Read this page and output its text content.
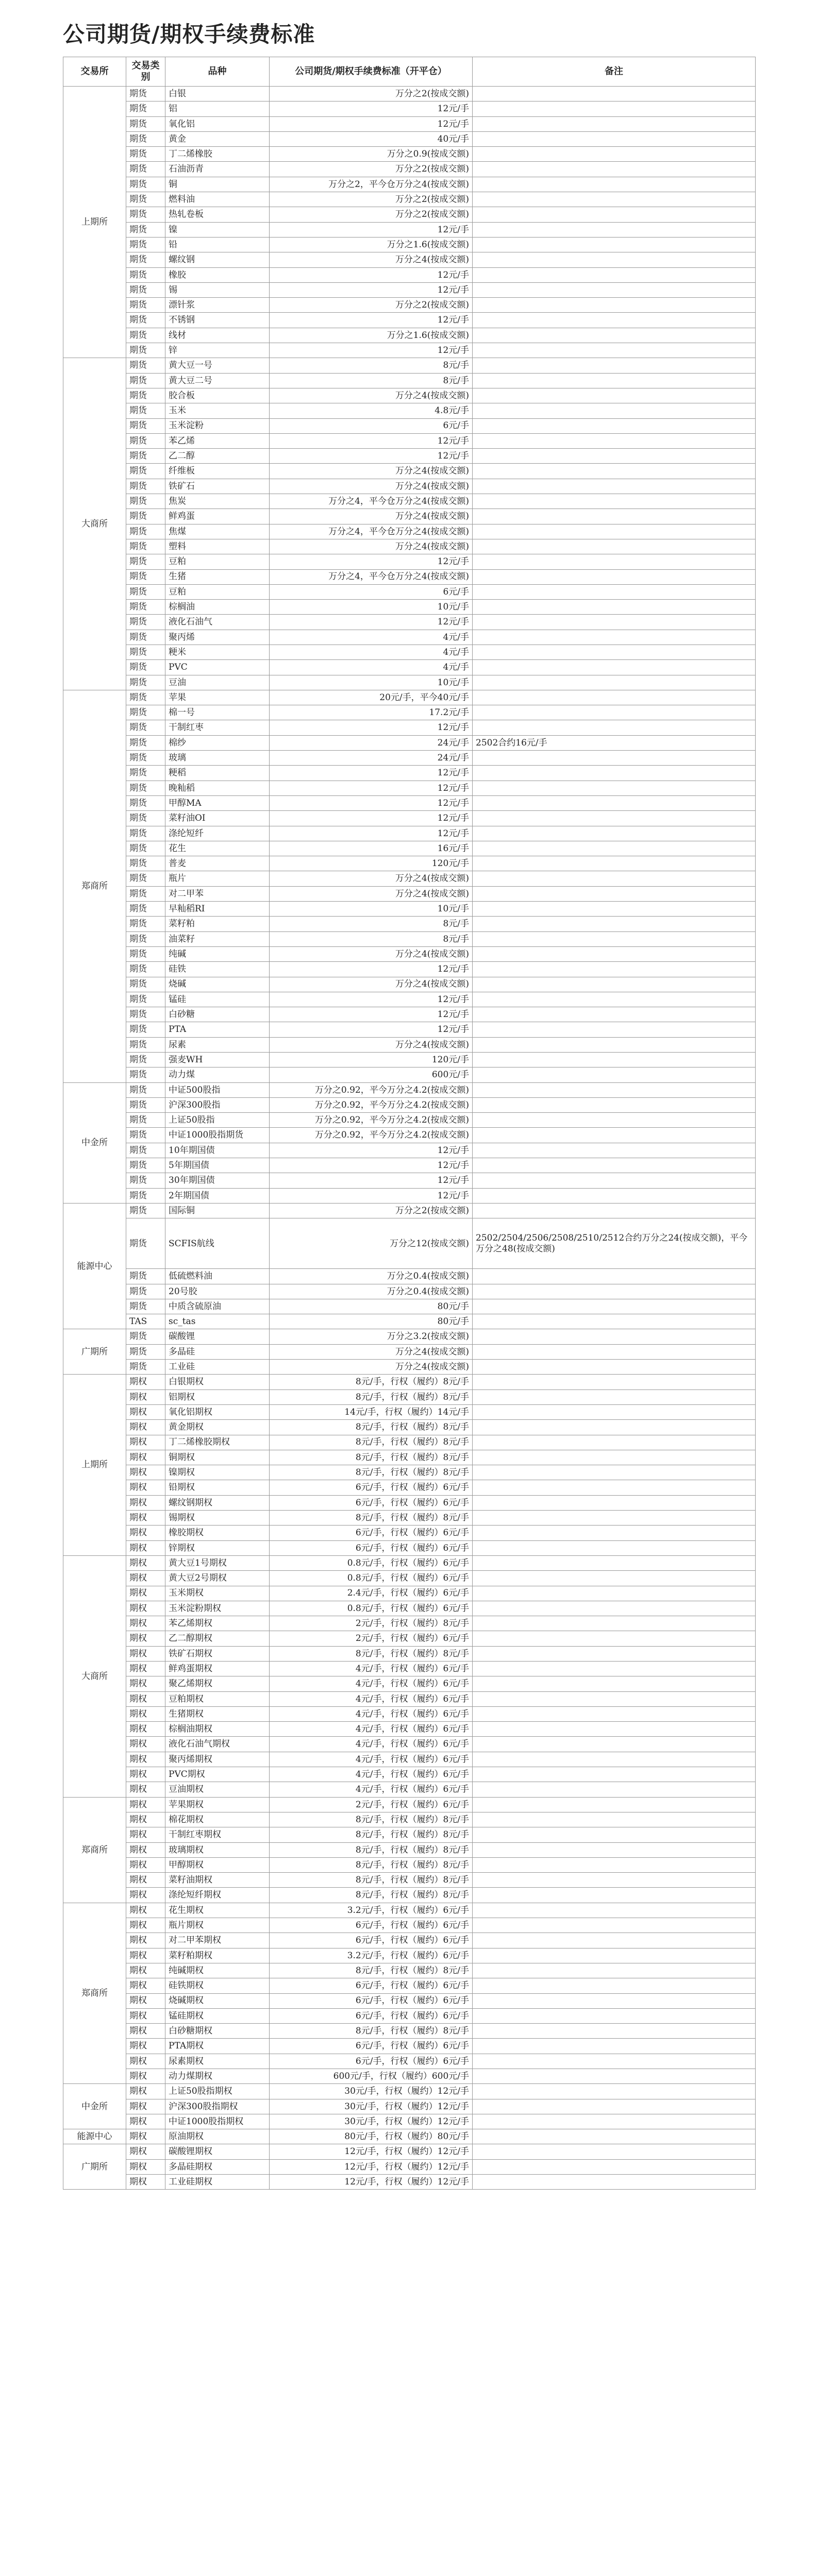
公司期货/期权手续费标准
交易所	交易类别	品种	公司期货/期权手续费标准（开平仓）	备注
上期所	期货	白银	万分之2(按成交额)	
	期货	铝	12元/手	
	期货	氧化铝	12元/手	
	期货	黄金	40元/手	
	期货	丁二烯橡胶	万分之0.9(按成交额)	
	期货	石油沥青	万分之2(按成交额)	
	期货	铜	万分之2，平今仓万分之4(按成交额)	
	期货	燃料油	万分之2(按成交额)	
	期货	热轧卷板	万分之2(按成交额)	
	期货	镍	12元/手	
	期货	铅	万分之1.6(按成交额)	
	期货	螺纹钢	万分之4(按成交额)	
	期货	橡胶	12元/手	
	期货	锡	12元/手	
	期货	漂针浆	万分之2(按成交额)	
	期货	不锈钢	12元/手	
	期货	线材	万分之1.6(按成交额)	
	期货	锌	12元/手	
大商所	期货	黄大豆一号	8元/手	
	期货	黄大豆二号	8元/手	
	期货	胶合板	万分之4(按成交额)	
	期货	玉米	4.8元/手	
	期货	玉米淀粉	6元/手	
	期货	苯乙烯	12元/手	
	期货	乙二醇	12元/手	
	期货	纤维板	万分之4(按成交额)	
	期货	铁矿石	万分之4(按成交额)	
	期货	焦炭	万分之4，平今仓万分之4(按成交额)	
	期货	鲜鸡蛋	万分之4(按成交额)	
	期货	焦煤	万分之4，平今仓万分之4(按成交额)	
	期货	塑料	万分之4(按成交额)	
	期货	豆粕	12元/手	
	期货	生猪	万分之4，平今仓万分之4(按成交额)	
	期货	豆粕	6元/手	
	期货	棕榈油	10元/手	
	期货	液化石油气	12元/手	
	期货	聚丙烯	4元/手	
	期货	粳米	4元/手	
	期货	PVC	4元/手	
	期货	豆油	10元/手	
郑商所	期货	苹果	20元/手，平今40元/手	
	期货	棉一号	17.2元/手	
	期货	干制红枣	12元/手	
	期货	棉纱	24元/手	2502合约16元/手
	期货	玻璃	24元/手	
	期货	粳稻	12元/手	
	期货	晚籼稻	12元/手	
	期货	甲醇MA	12元/手	
	期货	菜籽油OI	12元/手	
	期货	涤纶短纤	12元/手	
	期货	花生	16元/手	
	期货	普麦	120元/手	
	期货	瓶片	万分之4(按成交额)	
	期货	对二甲苯	万分之4(按成交额)	
	期货	早籼稻RI	10元/手	
	期货	菜籽粕	8元/手	
	期货	油菜籽	8元/手	
	期货	纯碱	万分之4(按成交额)	
	期货	硅铁	12元/手	
	期货	烧碱	万分之4(按成交额)	
	期货	锰硅	12元/手	
	期货	白砂糖	12元/手	
	期货	PTA	12元/手	
	期货	尿素	万分之4(按成交额)	
	期货	强麦WH	120元/手	
	期货	动力煤	600元/手	
中金所	期货	中证500股指	万分之0.92，平今万分之4.2(按成交额)	
	期货	沪深300股指	万分之0.92，平今万分之4.2(按成交额)	
	期货	上证50股指	万分之0.92，平今万分之4.2(按成交额)	
	期货	中证1000股指期货	万分之0.92，平今万分之4.2(按成交额)	
	期货	10年期国债	12元/手	
	期货	5年期国债	12元/手	
	期货	30年期国债	12元/手	
	期货	2年期国债	12元/手	
能源中心	期货	国际铜	万分之2(按成交额)	
	期货	SCFIS航线	万分之12(按成交额)	2502/2504/2506/2508/2510/2512合约万分之24(按成交额)，平今万分之48(按成交额)
	期货	低硫燃料油	万分之0.4(按成交额)	
	期货	20号胶	万分之0.4(按成交额)	
	期货	中质含硫原油	80元/手	
	TAS	sc_tas	80元/手	
广期所	期货	碳酸锂	万分之3.2(按成交额)	
	期货	多晶硅	万分之4(按成交额)	
	期货	工业硅	万分之4(按成交额)	
上期所	期权	白银期权	8元/手，行权（履约）8元/手	
	期权	铝期权	8元/手，行权（履约）8元/手	
	期权	氧化铝期权	14元/手，行权（履约）14元/手	
	期权	黄金期权	8元/手，行权（履约）8元/手	
	期权	丁二烯橡胶期权	8元/手，行权（履约）8元/手	
	期权	铜期权	8元/手，行权（履约）8元/手	
	期权	镍期权	8元/手，行权（履约）8元/手	
	期权	铅期权	6元/手，行权（履约）6元/手	
	期权	螺纹钢期权	6元/手，行权（履约）6元/手	
	期权	锡期权	8元/手，行权（履约）8元/手	
	期权	橡胶期权	6元/手，行权（履约）6元/手	
	期权	锌期权	6元/手，行权（履约）6元/手	
大商所	期权	黄大豆1号期权	0.8元/手，行权（履约）6元/手	
	期权	黄大豆2号期权	0.8元/手，行权（履约）6元/手	
	期权	玉米期权	2.4元/手，行权（履约）6元/手	
	期权	玉米淀粉期权	0.8元/手，行权（履约）6元/手	
	期权	苯乙烯期权	2元/手，行权（履约）8元/手	
	期权	乙二醇期权	2元/手，行权（履约）6元/手	
	期权	铁矿石期权	8元/手，行权（履约）8元/手	
	期权	鲜鸡蛋期权	4元/手，行权（履约）6元/手	
	期权	聚乙烯期权	4元/手，行权（履约）6元/手	
	期权	豆粕期权	4元/手，行权（履约）6元/手	
	期权	生猪期权	4元/手，行权（履约）6元/手	
	期权	棕榈油期权	4元/手，行权（履约）6元/手	
	期权	液化石油气期权	4元/手，行权（履约）6元/手	
	期权	聚丙烯期权	4元/手，行权（履约）6元/手	
	期权	PVC期权	4元/手，行权（履约）6元/手	
	期权	豆油期权	4元/手，行权（履约）6元/手	
郑商所	期权	苹果期权	2元/手，行权（履约）6元/手	
	期权	棉花期权	8元/手，行权（履约）8元/手	
	期权	干制红枣期权	8元/手，行权（履约）8元/手	
	期权	玻璃期权	8元/手，行权（履约）8元/手	
	期权	甲醇期权	8元/手，行权（履约）8元/手	
	期权	菜籽油期权	8元/手，行权（履约）8元/手	
	期权	涤纶短纤期权	8元/手，行权（履约）8元/手	
郑商所	期权	花生期权	3.2元/手，行权（履约）6元/手	
	期权	瓶片期权	6元/手，行权（履约）6元/手	
	期权	对二甲苯期权	6元/手，行权（履约）6元/手	
	期权	菜籽粕期权	3.2元/手，行权（履约）6元/手	
	期权	纯碱期权	8元/手，行权（履约）8元/手	
	期权	硅铁期权	6元/手，行权（履约）6元/手	
	期权	烧碱期权	6元/手，行权（履约）6元/手	
	期权	锰硅期权	6元/手，行权（履约）6元/手	
	期权	白砂糖期权	8元/手，行权（履约）8元/手	
	期权	PTA期权	6元/手，行权（履约）6元/手	
	期权	尿素期权	6元/手，行权（履约）6元/手	
	期权	动力煤期权	600元/手，行权（履约）600元/手	
中金所	期权	上证50股指期权	30元/手，行权（履约）12元/手	
	期权	沪深300股指期权	30元/手，行权（履约）12元/手	
	期权	中证1000股指期权	30元/手，行权（履约）12元/手	
能源中心	期权	原油期权	80元/手，行权（履约）80元/手	
广期所	期权	碳酸锂期权	12元/手，行权（履约）12元/手	
	期权	多晶硅期权	12元/手，行权（履约）12元/手	
	期权	工业硅期权	12元/手，行权（履约）12元/手	
